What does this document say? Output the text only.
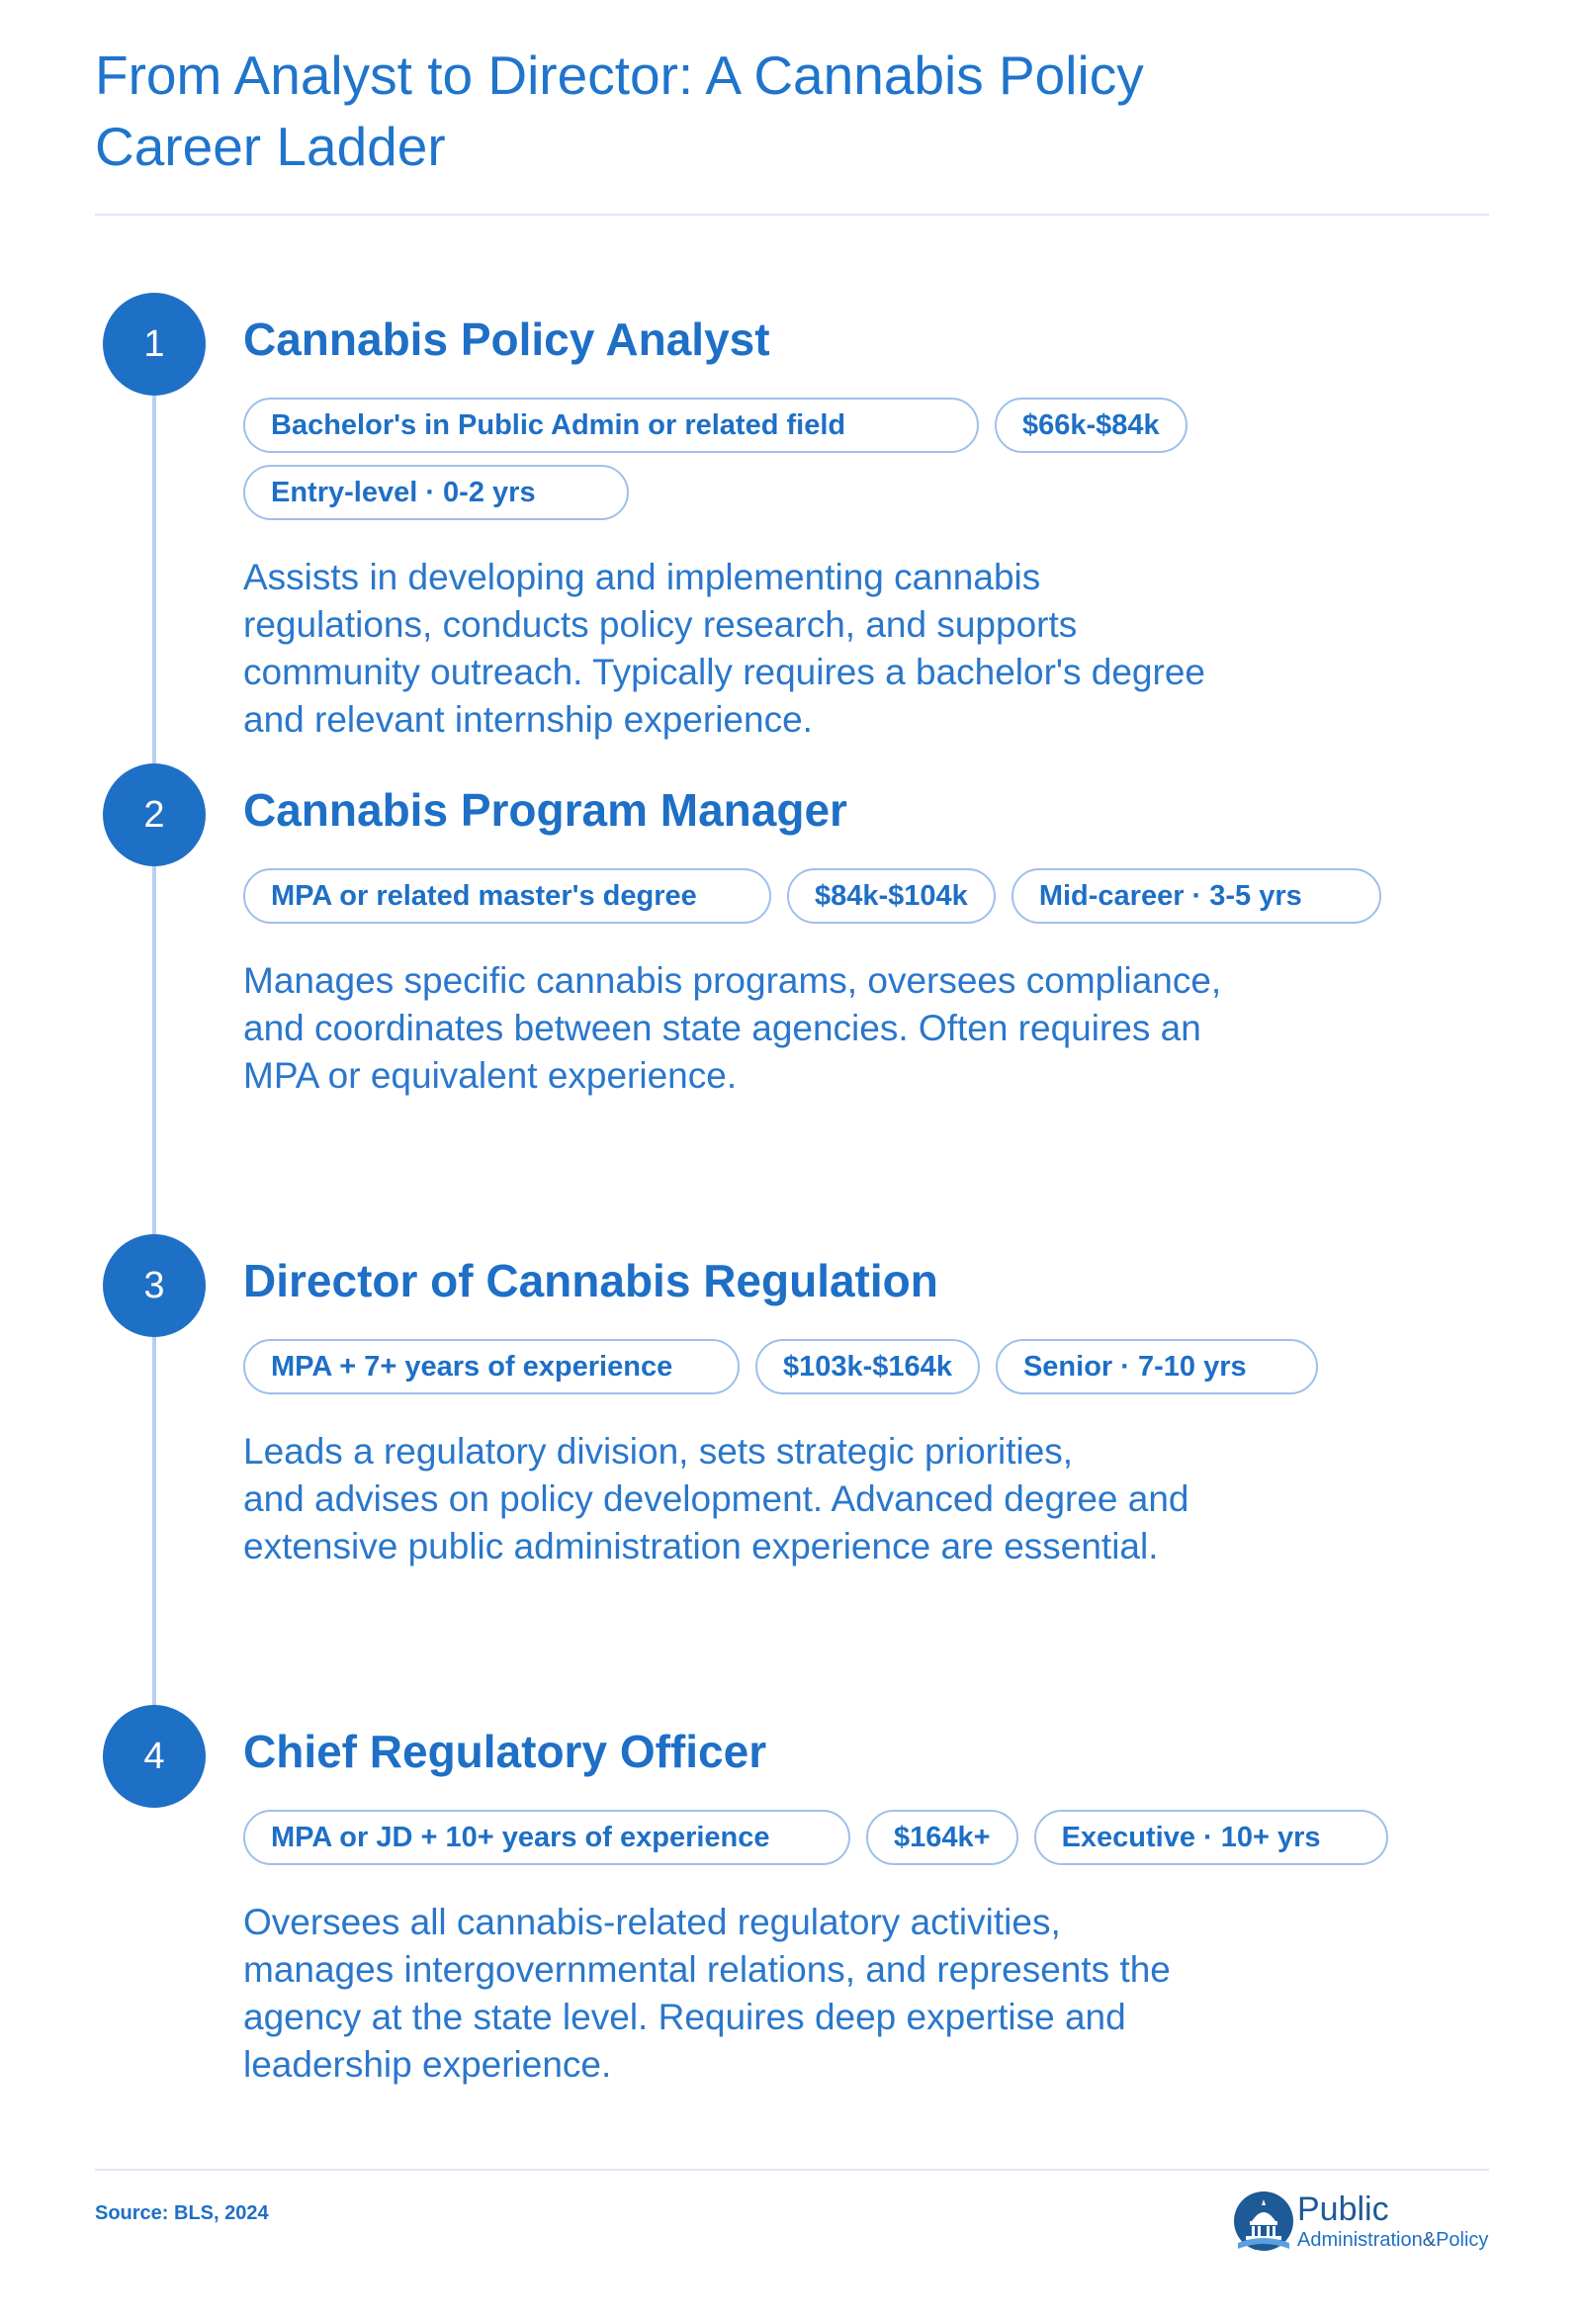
From Analyst to Director: A Cannabis Policy
Career Ladder
1	Cannabis Policy Analyst
Bachelor's in Public Admin or related field	$66k-$84k
Entry-level · 0-2 yrs

Assists in developing and implementing cannabis
regulations, conducts policy research, and supports
community outreach. Typically requires a bachelor's degree
and relevant internship experience.

2	Cannabis Program Manager
MPA or related master's degree	$84k-$104k	Mid-career · 3-5 yrs

Manages specific cannabis programs, oversees compliance,
and coordinates between state agencies. Often requires an
MPA or equivalent experience.

3	Director of Cannabis Regulation
MPA + 7+ years of experience	$103k-$164k	Senior · 7-10 yrs

Leads a regulatory division, sets strategic priorities,
and advises on policy development. Advanced degree and
extensive public administration experience are essential.

4	Chief Regulatory Officer
MPA or JD + 10+ years of experience	$164k+	Executive · 10+ yrs

Oversees all cannabis-related regulatory activities,
manages intergovernmental relations, and represents the
agency at the state level. Requires deep expertise and
leadership experience.

Source: BLS, 2024	Public
Administration&Policy
